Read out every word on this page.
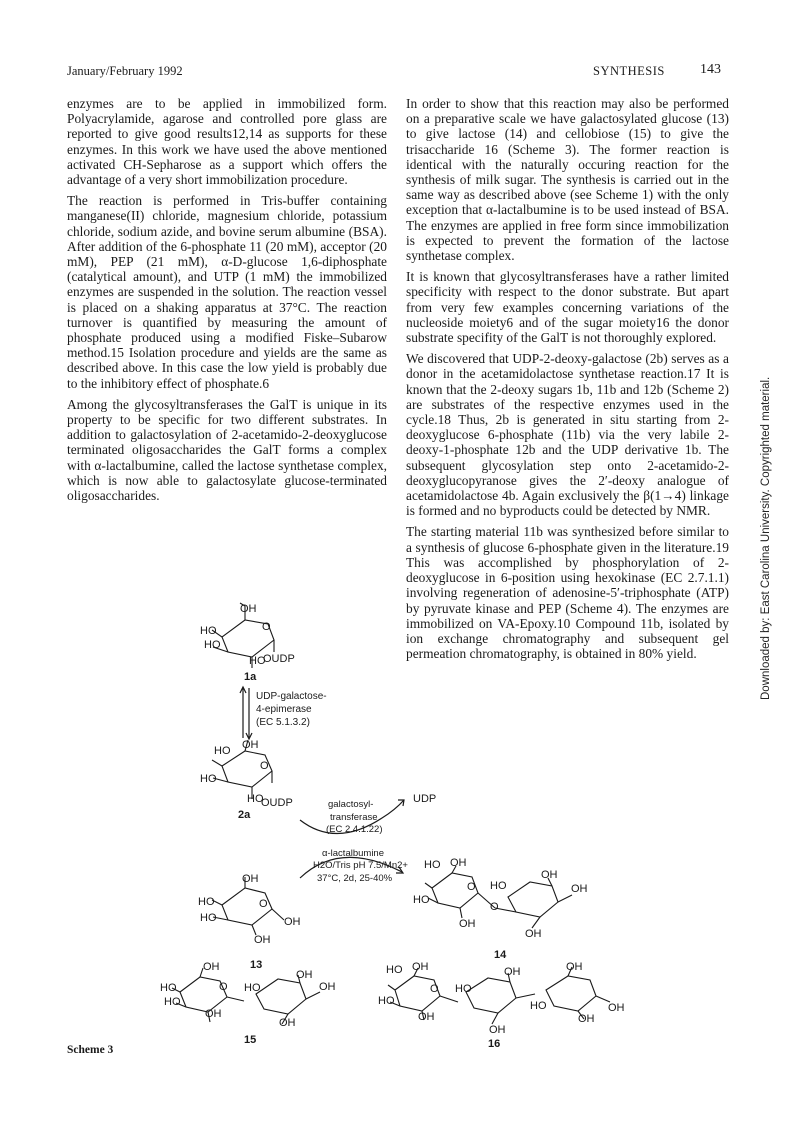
January/February 1992	SYNTHESIS	143

enzymes are to be applied in immobilized form. Polyacrylamide, agarose and controlled pore glass are reported to give good results12,14 as supports for these enzymes. In this work we have used the above mentioned activated CH-Sepharose as a support which offers the advantage of a very short immobilization procedure.

The reaction is performed in Tris-buffer containing manganese(II) chloride, magnesium chloride, potassium chloride, sodium azide, and bovine serum albumine (BSA). After addition of the 6-phosphate 11 (20 mM), acceptor (20 mM), PEP (21 mM), α-D-glucose 1,6-diphosphate (catalytical amount), and UTP (1 mM) the immobilized enzymes are suspended in the solution. The reaction vessel is placed on a shaking apparatus at 37°C. The reaction turnover is quantified by measuring the amount of phosphate produced using a modified Fiske–Subarow method.15 Isolation procedure and yields are the same as described above. In this case the low yield is probably due to the inhibitory effect of phosphate.6

Among the glycosyltransferases the GalT is unique in its property to be specific for two different substrates. In addition to galactosylation of 2-acetamido-2-deoxyglucose terminated oligosaccharides the GalT forms a complex with α-lactalbumine, called the lactose synthetase complex, which is now able to galactosylate glucose-terminated oligosaccharides.

In order to show that this reaction may also be performed on a preparative scale we have galactosylated glucose (13) to give lactose (14) and cellobiose (15) to give the trisaccharide 16 (Scheme 3). The former reaction is identical with the naturally occuring reaction for the synthesis of milk sugar. The synthesis is carried out in the same way as described above (see Scheme 1) with the only exception that α-lactalbumine is to be used instead of BSA. The enzymes are applied in free form since immobilization is expected to prevent the formation of the lactose synthetase complex.

It is known that glycosyltransferases have a rather limited specificity with respect to the donor substrate. But apart from very few examples concerning variations of the nucleoside moiety6 and of the sugar moiety16 the donor substrate specifity of the GalT is not thoroughly explored.

We discovered that UDP-2-deoxy-galactose (2b) serves as a donor in the acetamidolactose synthetase reaction.17 It is known that the 2-deoxy sugars 1b, 11b and 12b (Scheme 2) are substrates of the respective enzymes used in the cycle.18 Thus, 2b is generated in situ starting from 2-deoxyglucose 6-phosphate (11b) via the very labile 2-deoxy-1-phosphate 12b and the UDP derivative 1b. The subsequent glycosylation step onto 2-acetamido-2-deoxyglucopyranose gives the 2′-deoxy analogue of acetamidolactose 4b. Again exclusively the β(1→4) linkage is formed and no byproducts could be detected by NMR.

The starting material 11b was synthesized before similar to a synthesis of glucose 6-phosphate given in the literature.19 This was accomplished by phosphorylation of 2-deoxyglucose in 6-position using hexokinase (EC 2.7.1.1) involving regeneration of adenosine-5′-triphosphate (ATP) by pyruvate kinase and PEP (Scheme 4). The enzymes are immobilized on VA-Epoxy.10 Compound 11b, isolated by ion exchange chromatography and subsequent gel permeation chromatography, is obtained in 80% yield.	Downloaded by: East Carolina University. Copyrighted material.
OH
HO
HO
O
HO
OUDP
1a
UDP-galactose-
4-epimerase
(EC 5.1.3.2)
HO OH
HO
O
HO
OUDP
2a
galactosyl-
transferase
(EC 2.4.1.22)
UDP
α-lactalbumine
H2O/Tris pH 7.5/Mn2+
37°C, 2d, 25-40%
OH
HO
HO
O
OH
OH
13
HO OH
HO
O HO
OH
OH
OH
OH
O
14
OH
HO
HO
O HO
OH
OH
OH
OH
15
HO OH
HO
O HO
HO
OH	OH
OH
OH
OH
OH
16
Scheme 3
